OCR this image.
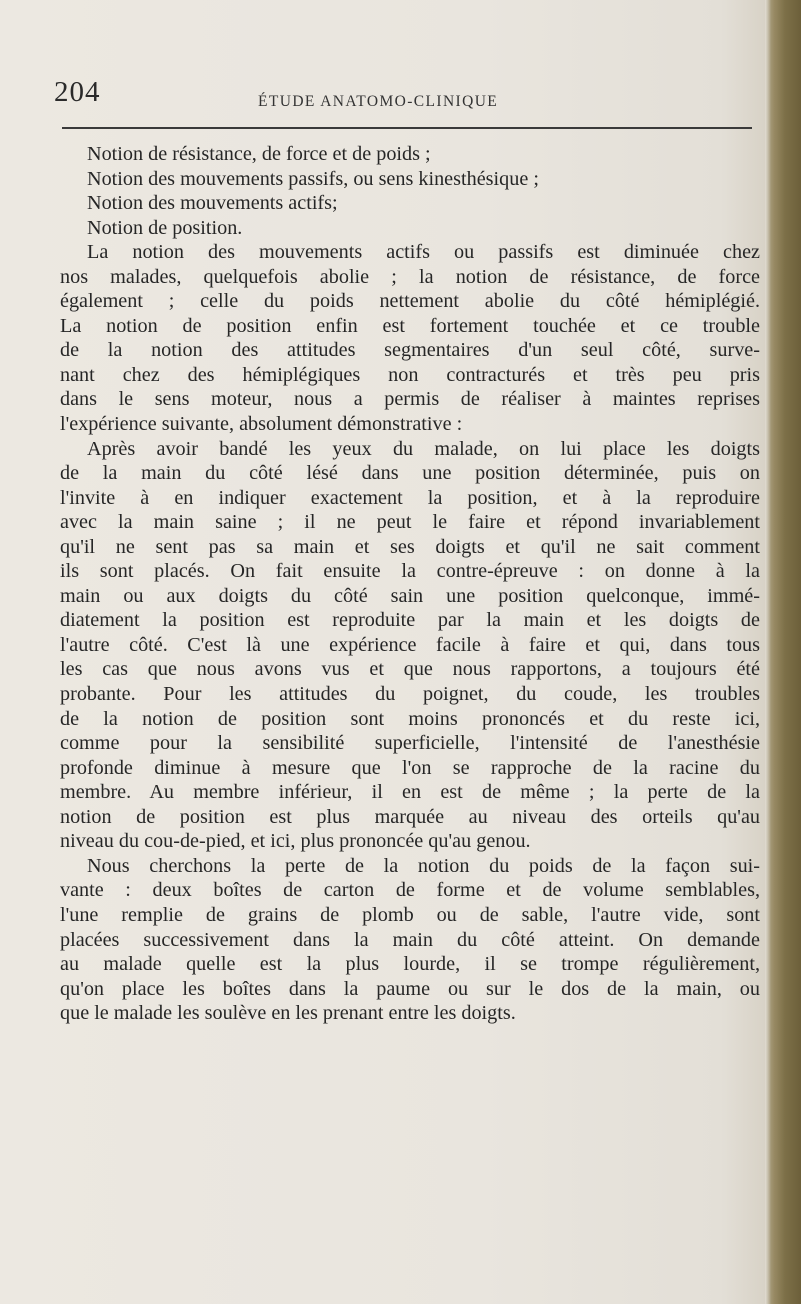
204	ÉTUDE ANATOMO-CLINIQUE
Notion de résistance, de force et de poids ;
Notion des mouvements passifs, ou sens kinesthésique ;
Notion des mouvements actifs;
Notion de position.
La notion des mouvements actifs ou passifs est diminuée chez
nos malades, quelquefois abolie ; la notion de résistance, de force
également ; celle du poids nettement abolie du côté hémiplégié.
La notion de position enfin est fortement touchée et ce trouble
de la notion des attitudes segmentaires d'un seul côté, surve-
nant chez des hémiplégiques non contracturés et très peu pris
dans le sens moteur, nous a permis de réaliser à maintes reprises
l'expérience suivante, absolument démonstrative :
Après avoir bandé les yeux du malade, on lui place les doigts
de la main du côté lésé dans une position déterminée, puis on
l'invite à en indiquer exactement la position, et à la reproduire
avec la main saine ; il ne peut le faire et répond invariablement
qu'il ne sent pas sa main et ses doigts et qu'il ne sait comment
ils sont placés. On fait ensuite la contre-épreuve : on donne à la
main ou aux doigts du côté sain une position quelconque, immé-
diatement la position est reproduite par la main et les doigts de
l'autre côté. C'est là une expérience facile à faire et qui, dans tous
les cas que nous avons vus et que nous rapportons, a toujours été
probante. Pour les attitudes du poignet, du coude, les troubles
de la notion de position sont moins prononcés et du reste ici,
comme pour la sensibilité superficielle, l'intensité de l'anesthésie
profonde diminue à mesure que l'on se rapproche de la racine du
membre. Au membre inférieur, il en est de même ; la perte de la
notion de position est plus marquée au niveau des orteils qu'au
niveau du cou-de-pied, et ici, plus prononcée qu'au genou.
Nous cherchons la perte de la notion du poids de la façon sui-
vante : deux boîtes de carton de forme et de volume semblables,
l'une remplie de grains de plomb ou de sable, l'autre vide, sont
placées successivement dans la main du côté atteint. On demande
au malade quelle est la plus lourde, il se trompe régulièrement,
qu'on place les boîtes dans la paume ou sur le dos de la main, ou
que le malade les soulève en les prenant entre les doigts.
